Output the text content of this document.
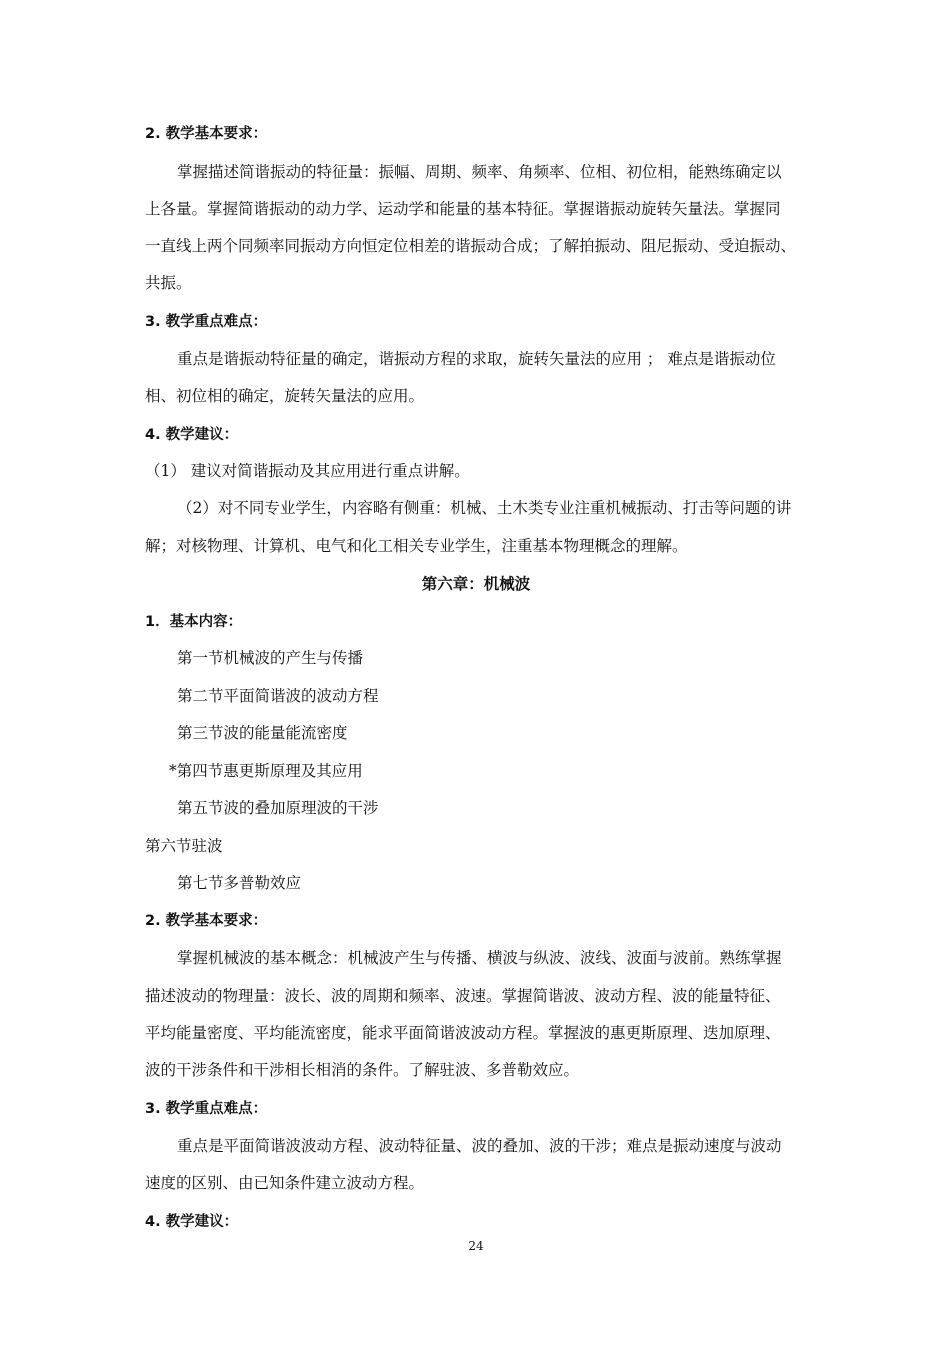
2. 教学基本要求：
掌握描述简谐振动的特征量：振幅、周期、频率、角频率、位相、初位相，能熟练确定以
上各量。掌握简谐振动的动力学、运动学和能量的基本特征。掌握谐振动旋转矢量法。掌握同
一直线上两个同频率同振动方向恒定位相差的谐振动合成；了解拍振动、阻尼振动、受迫振动、
共振。
3. 教学重点难点：
重点是谐振动特征量的确定，谐振动方程的求取，旋转矢量法的应用 ； 难点是谐振动位
相、初位相的确定，旋转矢量法的应用。
4. 教学建议：
（1） 建议对简谐振动及其应用进行重点讲解。
（2）对不同专业学生，内容略有侧重：机械、土木类专业注重机械振动、打击等问题的讲
解；对核物理、计算机、电气和化工相关专业学生，注重基本物理概念的理解。
第六章：机械波
1．基本内容：
第一节机械波的产生与传播
第二节平面简谐波的波动方程
第三节波的能量能流密度
*第四节惠更斯原理及其应用
第五节波的叠加原理波的干涉
第六节驻波
第七节多普勒效应
2. 教学基本要求：
掌握机械波的基本概念：机械波产生与传播、横波与纵波、波线、波面与波前。熟练掌握
描述波动的物理量：波长、波的周期和频率、波速。掌握简谐波、波动方程、波的能量特征、
平均能量密度、平均能流密度，能求平面简谐波波动方程。掌握波的惠更斯原理、迭加原理、
波的干涉条件和干涉相长相消的条件。了解驻波、多普勒效应。
3. 教学重点难点：
重点是平面简谐波波动方程、波动特征量、波的叠加、波的干涉；难点是振动速度与波动
速度的区别、由已知条件建立波动方程。
4. 教学建议：
24
